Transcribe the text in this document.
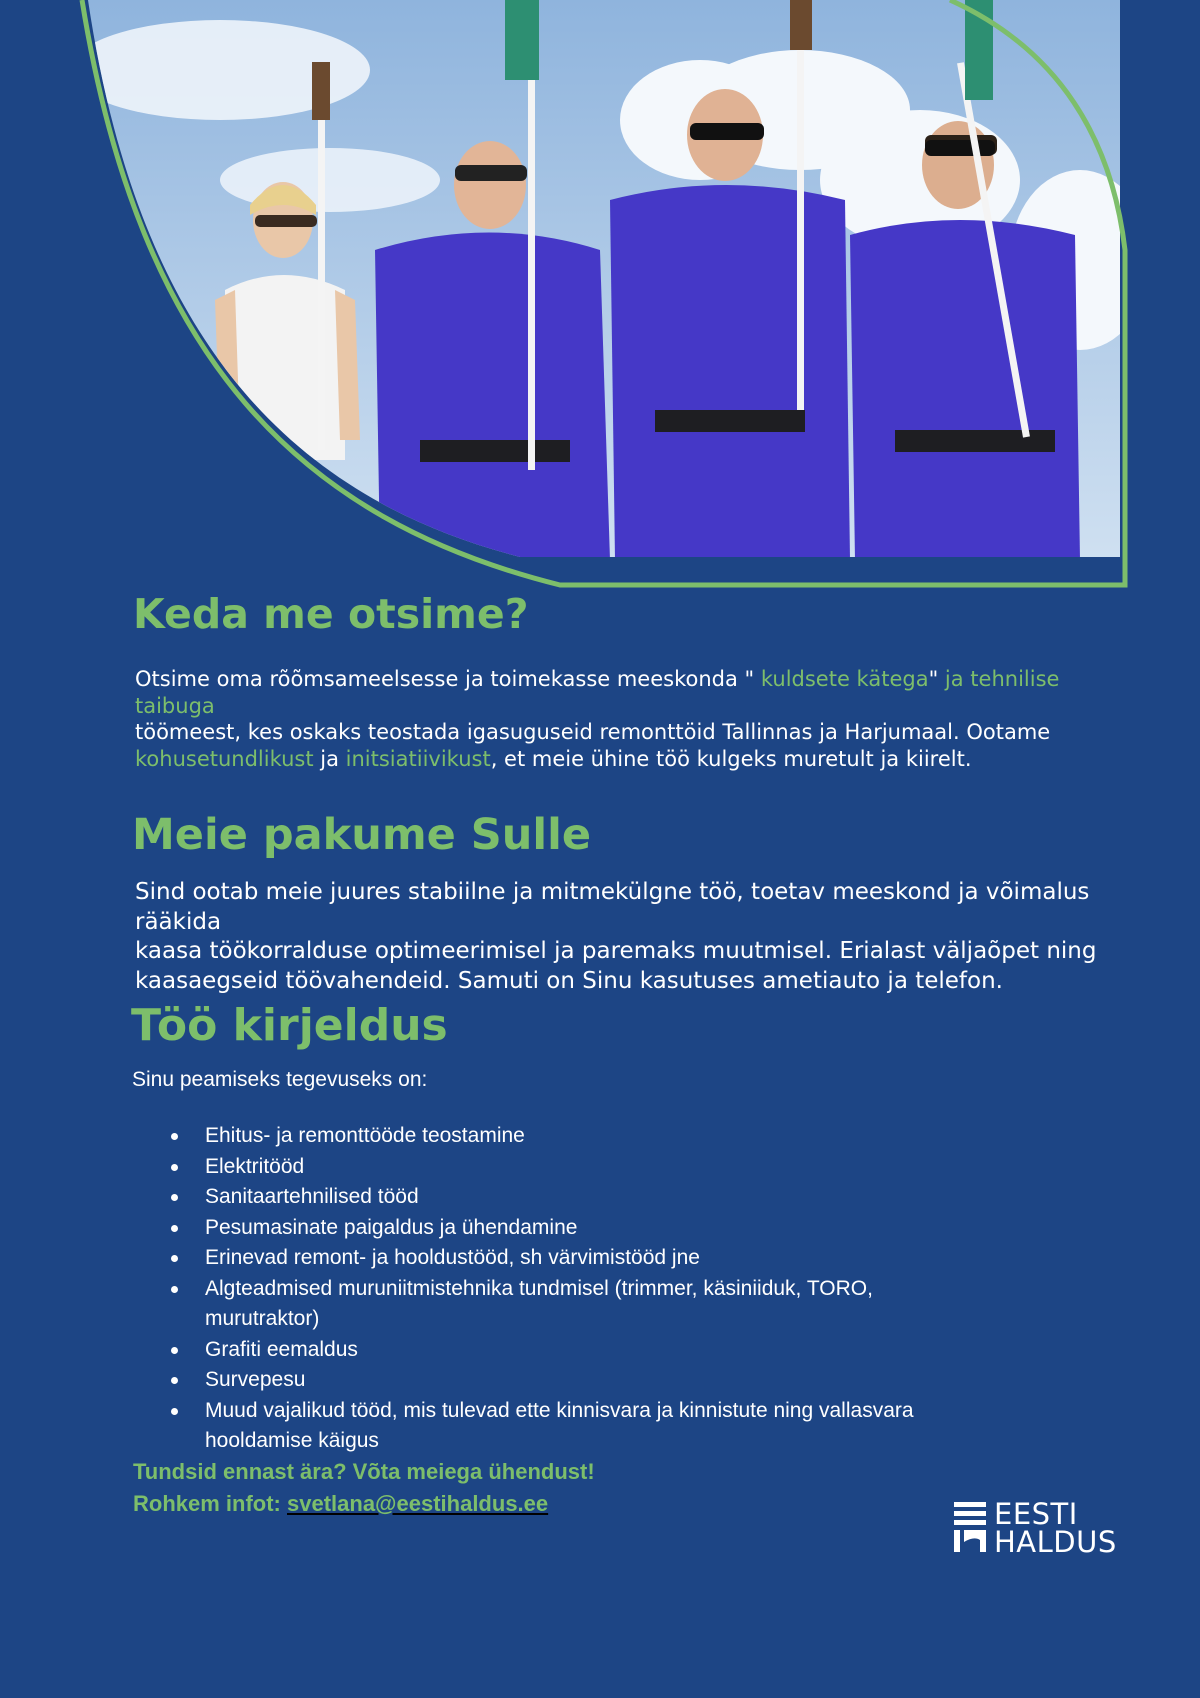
Keda me otsime?

Otsime oma rõõmsameelsesse ja toimekasse meeskonda " kuldsete kätega" ja tehnilise taibuga
töömeest, kes oskaks teostada igasuguseid remonttöid Tallinnas ja Harjumaal. Ootame
kohusetundlikust ja initsiatiivikust, et meie ühine töö kulgeks muretult ja kiirelt.

Meie pakume Sulle

Sind ootab meie juures stabiilne ja mitmekülgne töö, toetav meeskond ja võimalus rääkida
kaasa töökorralduse optimeerimisel ja paremaks muutmisel. Erialast väljaõpet ning
kaasaegseid töövahendeid. Samuti on Sinu kasutuses ametiauto ja telefon.

Töö kirjeldus

Sinu peamiseks tegevuseks on:

Ehitus- ja remonttööde teostamine
Elektritööd
Sanitaartehnilised tööd
Pesumasinate paigaldus ja ühendamine
Erinevad remont- ja hooldustööd, sh värvimistööd jne
Algteadmised muruniitmistehnika tundmisel (trimmer, käsiniiduk, TORO,
murutraktor)
Grafiti eemaldus
Survepesu
Muud vajalikud tööd, mis tulevad ette kinnisvara ja kinnistute ning vallasvara
hooldamise käigus
Tundsid ennast ära? Võta meiega ühendust!
Rohkem infot: svetlana@eestihaldus.ee	EESTI
HALDUS
